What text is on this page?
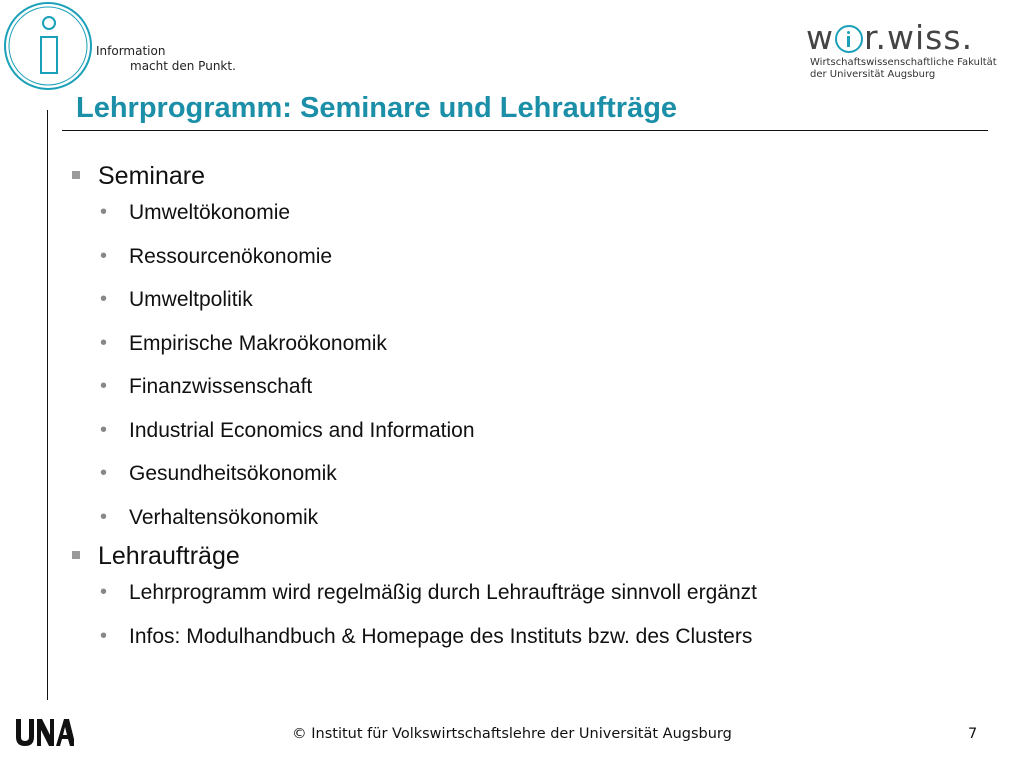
Information
macht den Punkt.
w r.wiss.
Wirtschaftswissenschaftliche Fakultät
der Universität Augsburg
Lehrprogramm: Seminare und Lehraufträge
Seminare
• Umweltökonomie
• Ressourcenökonomie
• Umweltpolitik
• Empirische Makroökonomik
• Finanzwissenschaft
• Industrial Economics and Information
• Gesundheitsökonomik
• Verhaltensökonomik
Lehraufträge
• Lehrprogramm wird regelmäßig durch Lehraufträge sinnvoll ergänzt
• Infos: Modulhandbuch & Homepage des Instituts bzw. des Clusters
© Institut für Volkswirtschaftslehre der Universität Augsburg	7
